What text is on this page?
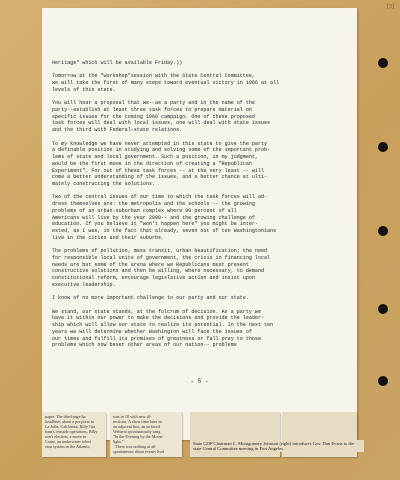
[3]

Heritage" which will be available Friday.))

Tomorrow at the "workshop"session with the State Central Committee,
we will take the first of many steps toward eventual victory in 1966 at all
levels of this state.

You will hear a proposal that we--as a party and in the name of the
party--establish at least three task forces to prepare material on
specific issues for the coming 1966 campaign. One of these proposed
task forces will deal with local issues, one will deal with state issues
and the third with Federal-state relations.

To my knowledge we have never attempted in this state to give the party
a definable position in studying and solving some of the important prob-
lems of state and local government. Such a position, in my judgment,
would be the first move in the direction of creating a "Republican
Experiment". For out of these task forces -- at the very least -- will
come a better understanding of the issues, and a better chance at ulti-
mately constructing the solutions.

Two of the central issues of our time to which the task forces will ad-
dress themselves are: the metropolis and the schools -- the growing
problems of an urban-suburban complex where 90 percent of all
Americans will live by the year 2000-- and the growing challenge of
education. If you believe it "won't happen here" you might be inter-
ested, as I was, in the fact that already, seven out of ten Washingtonians
live in the cities and their suburbs.

The problems of pollution, mass transit, urban beautification; the need
for responsible local units of government, the crisis in financing local
needs are but some of the arena where we Republicans must present
constructive solutions and then be willing, where necessary, to demand
constitutional reform, encourage legislative action and insist upon
executive leadership.

I know of no more important challenge to our party and our state.

We stand, our state stands, at the fulcrum of decision. As a party we
have it within our power to make the decisions and provide the leader-
ship which will allow our state to realize its potential. In the next ten
years we will determine whether Washington will face the issues of
our times and fulfill its promises of greatness or fall prey to those
problems which now beset other areas of our nation-- problems

- 5 -
paper. The third page ha
headlines about a per.pixie in
La Jolla, California, Billy Gra
ham's crusade operations, Billy
son's election, a move in
Crane, an underwater televi
sion system in the Atlantic,
was in 10 with new di-
rections. A short time later in
an adjacent box, an in-faced
Weberst spontaneously sang
"In the Evening by the Moon-
light."
There was nothing at all
spontaneous about events lead
State GOP Chairman C. Montgomery Johnson (right) introduces Gov. Dan Evans to the state Central Committee meeting in Port Angeles.
